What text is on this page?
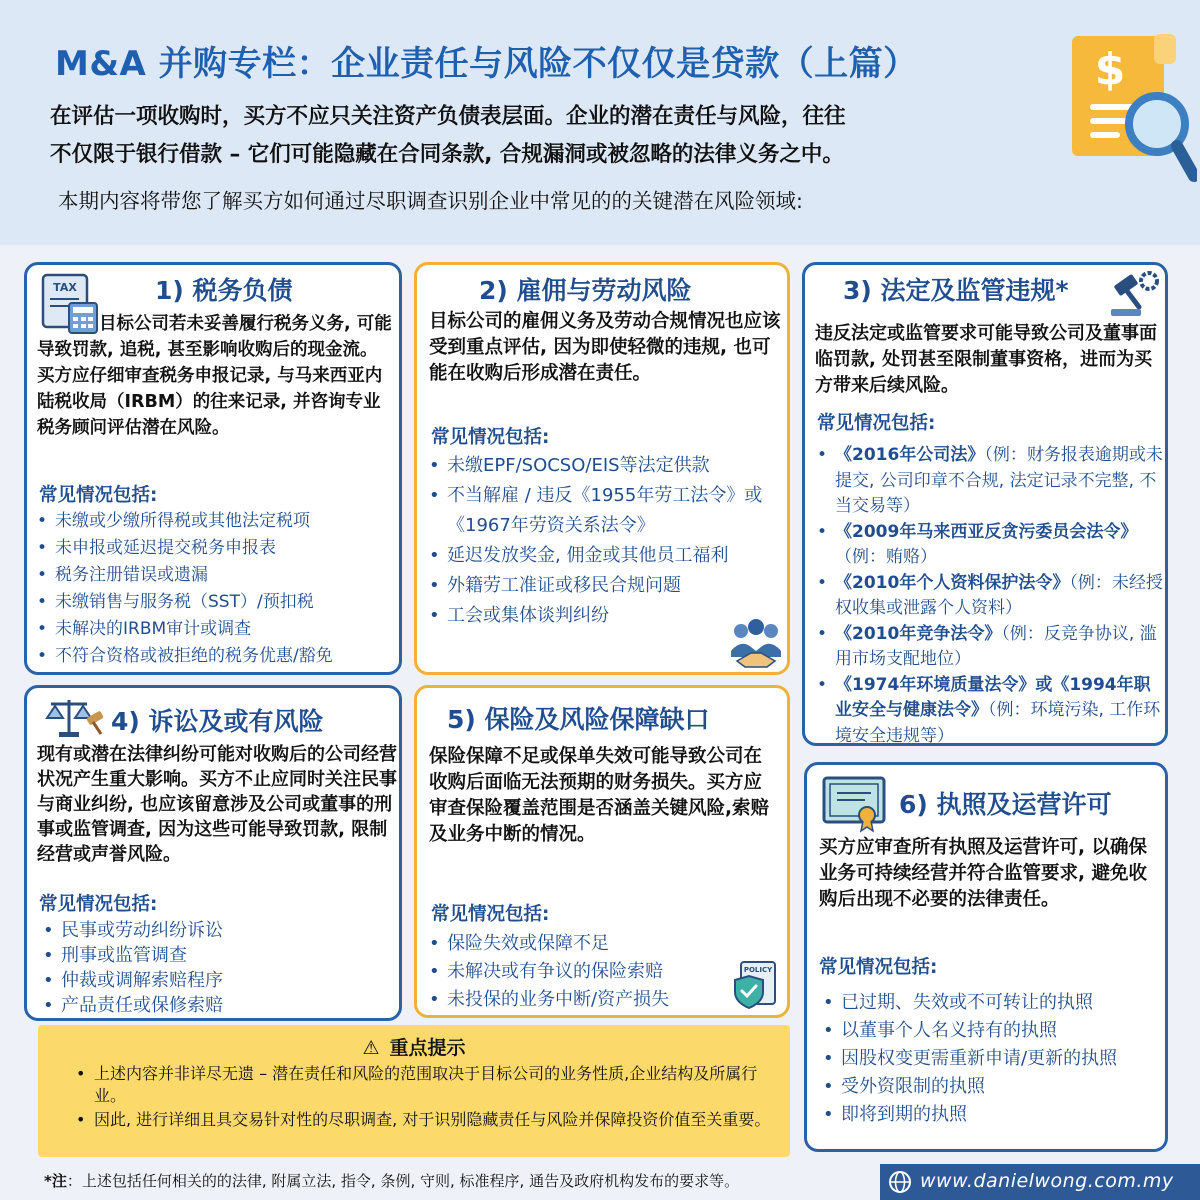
M&A 并购专栏：企业责任与风险不仅仅是贷款（上篇）
在评估一项收购时，买方不应只关注资产负债表层面。企业的潜在责任与风险，往往
不仅限于银行借款 – 它们可能隐藏在合同条款, 合规漏洞或被忽略的法律义务之中。
本期内容将带您了解买方如何通过尽职调查识别企业中常见的的关键潜在风险领域:
$
TAX	1) 税务负债
目标公司若未妥善履行税务义务, 可能导致罚款, 追税, 甚至影响收购后的现金流。买方应仔细审查税务申报记录, 与马来西亚内陆税收局（IRBM）的往来记录, 并咨询专业税务顾问评估潜在风险。
常见情况包括:
• 未缴或少缴所得税或其他法定税项
• 未申报或延迟提交税务申报表
• 税务注册错误或遗漏
• 未缴销售与服务税（SST）/预扣税
• 未解决的IRBM审计或调查
• 不符合资格或被拒绝的税务优惠/豁免
2) 雇佣与劳动风险
目标公司的雇佣义务及劳动合规情况也应该受到重点评估, 因为即使轻微的违规, 也可能在收购后形成潜在责任。
常见情况包括:
• 未缴EPF/SOCSO/EIS等法定供款
• 不当解雇 / 违反《1955年劳工法令》或《1967年劳资关系法令》
• 延迟发放奖金, 佣金或其他员工福利
• 外籍劳工准证或移民合规问题
• 工会或集体谈判纠纷
3) 法定及监管违规*
违反法定或监管要求可能导致公司及董事面临罚款, 处罚甚至限制董事资格，进而为买方带来后续风险。
常见情况包括:
• 《2016年公司法》（例：财务报表逾期或未提交, 公司印章不合规, 法定记录不完整, 不当交易等）
• 《2009年马来西亚反贪污委员会法令》（例：贿赂）
• 《2010年个人资料保护法令》（例：未经授权收集或泄露个人资料）
• 《2010年竞争法令》（例：反竞争协议, 滥用市场支配地位）
• 《1974年环境质量法令》或《1994年职业安全与健康法令》（例：环境污染, 工作环境安全违规等）
4) 诉讼及或有风险
现有或潜在法律纠纷可能对收购后的公司经营状况产生重大影响。买方不止应同时关注民事与商业纠纷, 也应该留意涉及公司或董事的刑事或监管调查, 因为这些可能导致罚款, 限制经营或声誉风险。
常见情况包括:
• 民事或劳动纠纷诉讼
• 刑事或监管调查
• 仲裁或调解索赔程序
• 产品责任或保修索赔
5) 保险及风险保障缺口
保险保障不足或保单失效可能导致公司在收购后面临无法预期的财务损失。买方应审查保险覆盖范围是否涵盖关键风险,索赔及业务中断的情况。
常见情况包括:
• 保险失效或保障不足
• 未解决或有争议的保险索赔
• 未投保的业务中断/资产损失
POLICY
6) 执照及运营许可
买方应审查所有执照及运营许可, 以确保业务可持续经营并符合监管要求, 避免收购后出现不必要的法律责任。
常见情况包括:
• 已过期、失效或不可转让的执照
• 以董事个人名义持有的执照
• 因股权变更需重新申请/更新的执照
• 受外资限制的执照
• 即将到期的执照
⚠ 重点提示
• 上述内容并非详尽无遗 – 潜在责任和风险的范围取决于目标公司的业务性质,企业结构及所属行业。
• 因此, 进行详细且具交易针对性的尽职调查, 对于识别隐藏责任与风险并保障投资价值至关重要。
*注：上述包括任何相关的的法律, 附属立法, 指令, 条例, 守则, 标准程序, 通告及政府机构发布的要求等。	www.danielwong.com.my
